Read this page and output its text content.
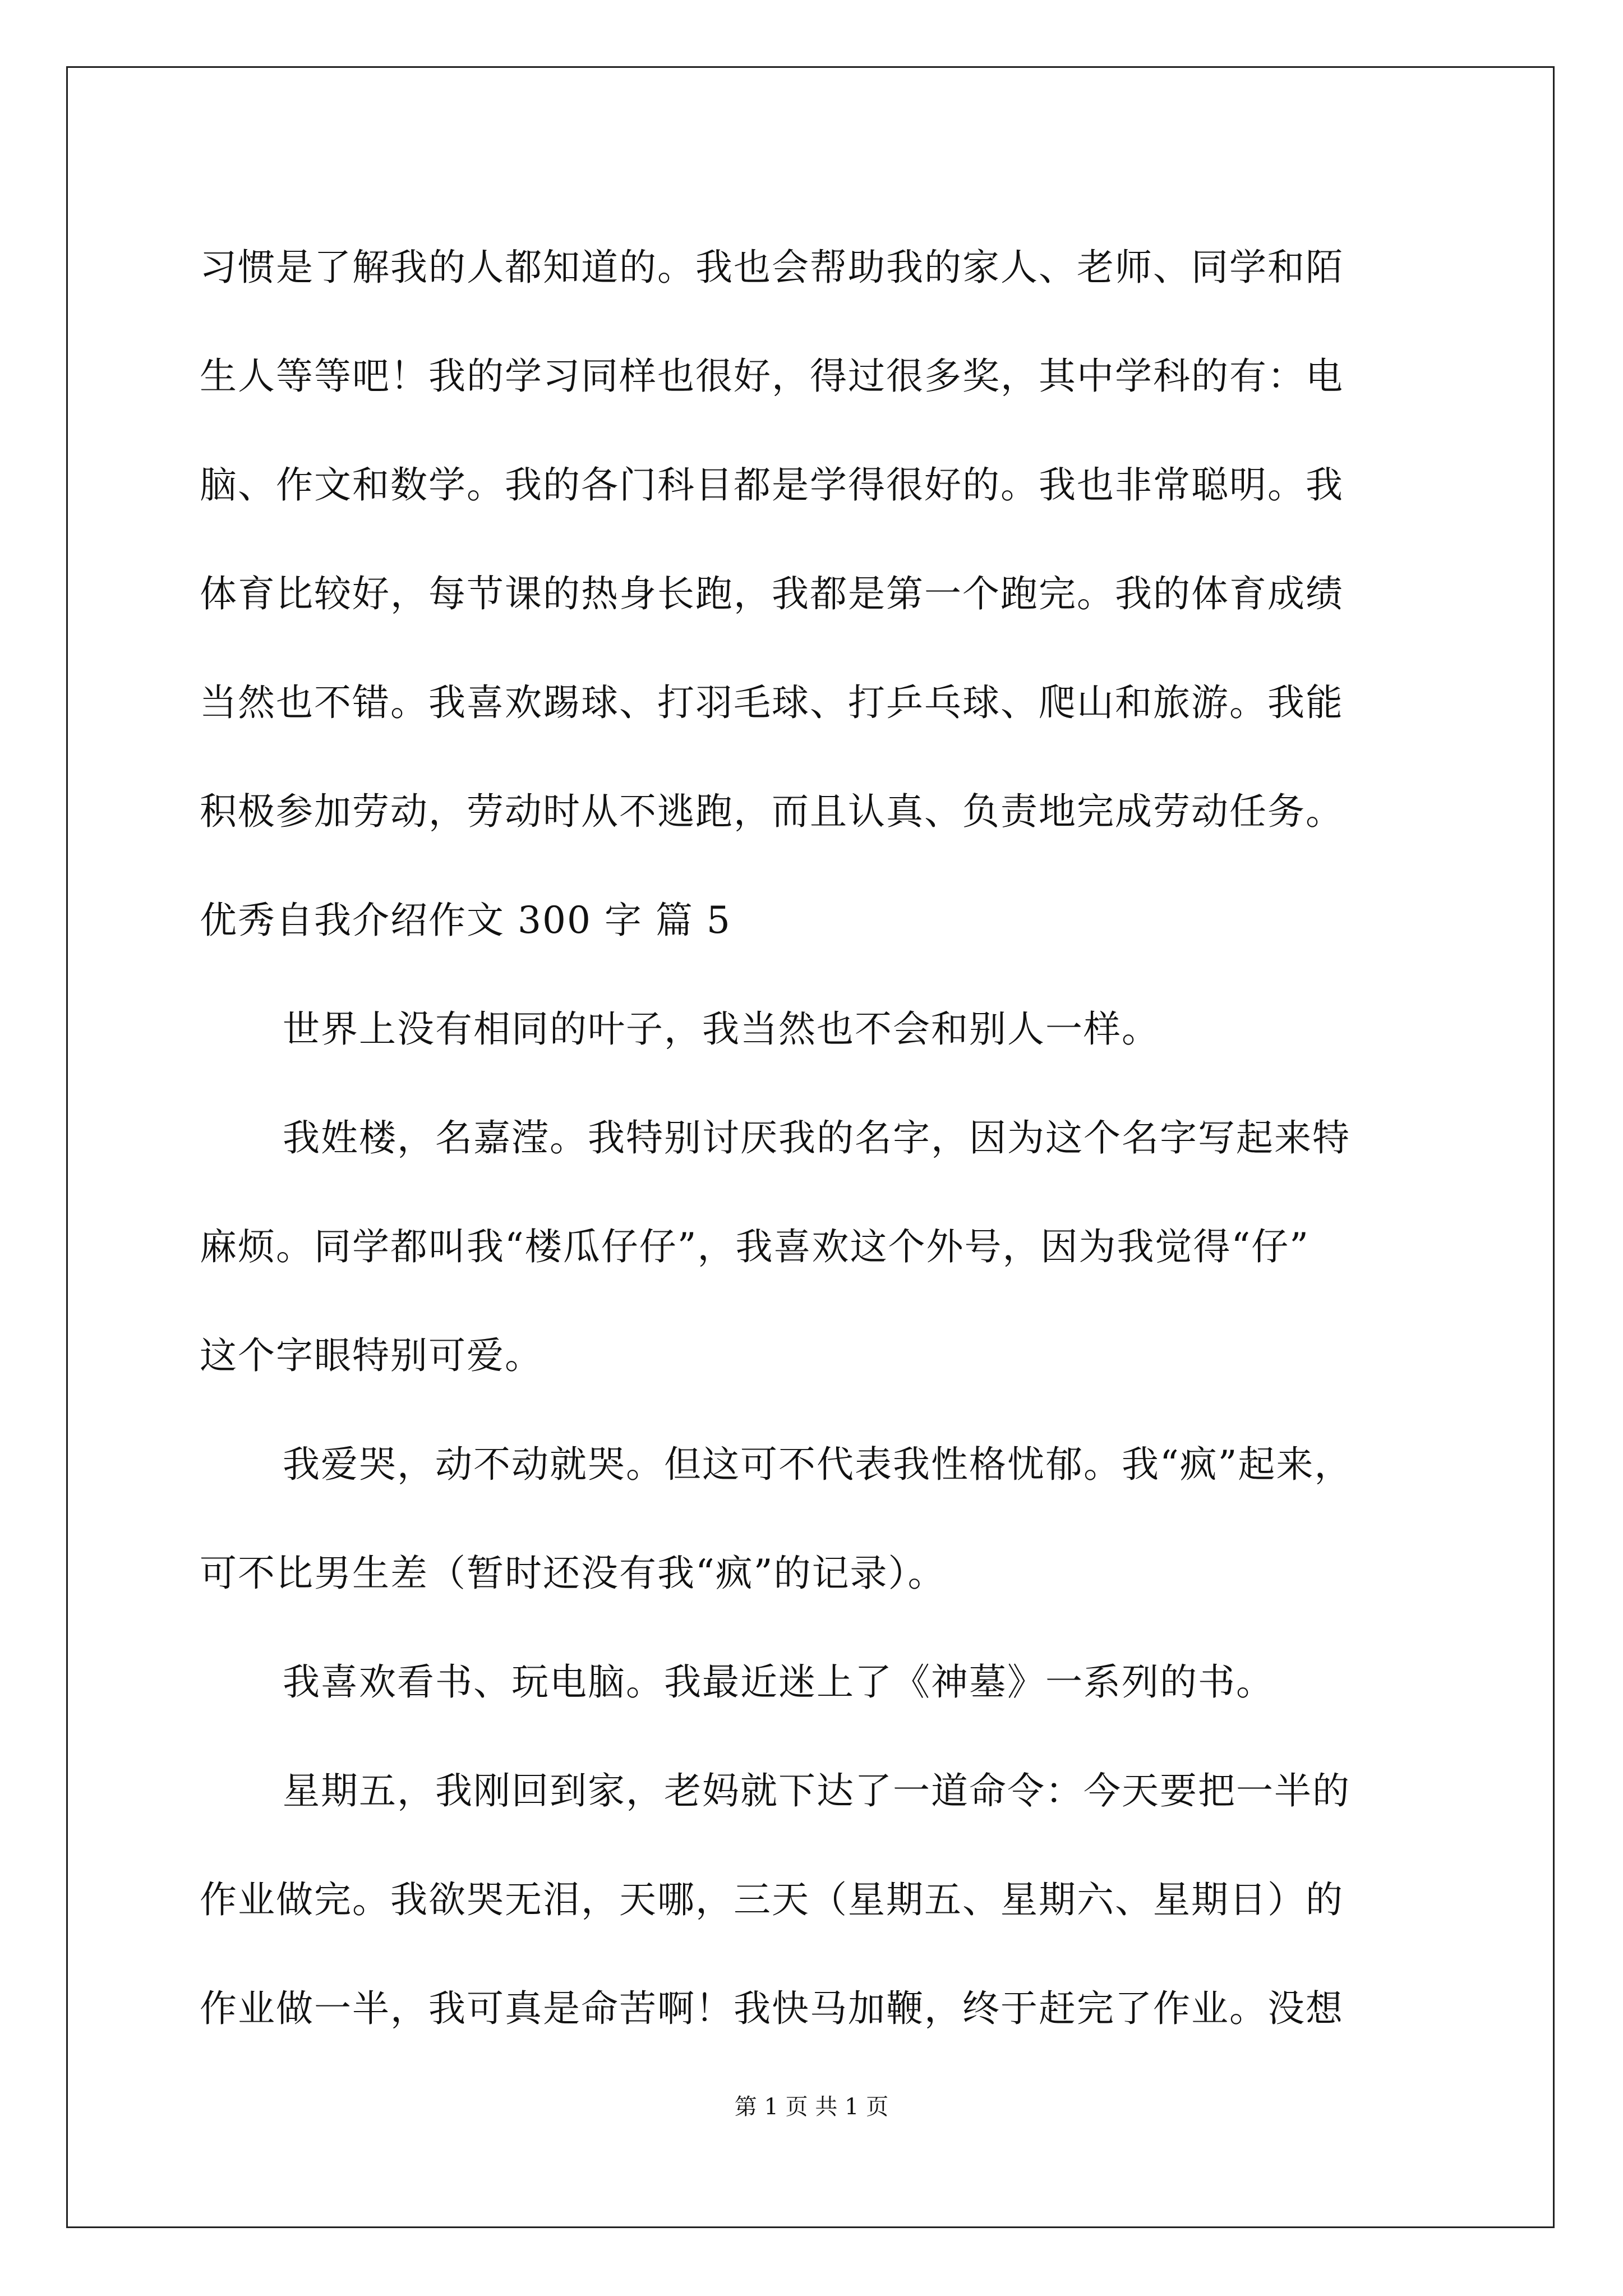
习惯是了解我的人都知道的。我也会帮助我的家人、老师、同学和陌
生人等等吧！我的学习同样也很好，得过很多奖，其中学科的有：电
脑、作文和数学。我的各门科目都是学得很好的。我也非常聪明。我
体育比较好，每节课的热身长跑，我都是第一个跑完。我的体育成绩
当然也不错。我喜欢踢球、打羽毛球、打乒乓球、爬山和旅游。我能
积极参加劳动，劳动时从不逃跑，而且认真、负责地完成劳动任务。
优秀自我介绍作文 300 字 篇 5
世界上没有相同的叶子，我当然也不会和别人一样。
我姓楼，名嘉滢。我特别讨厌我的名字，因为这个名字写起来特
麻烦。同学都叫我“楼瓜仔仔”，我喜欢这个外号，因为我觉得“仔”
这个字眼特别可爱。
我爱哭，动不动就哭。但这可不代表我性格忧郁。我“疯”起来，
可不比男生差（暂时还没有我“疯”的记录）。
我喜欢看书、玩电脑。我最近迷上了《神墓》一系列的书。
星期五，我刚回到家，老妈就下达了一道命令：今天要把一半的
作业做完。我欲哭无泪，天哪，三天（星期五、星期六、星期日）的
作业做一半，我可真是命苦啊！我快马加鞭，终于赶完了作业。没想
第 1 页 共 1 页
